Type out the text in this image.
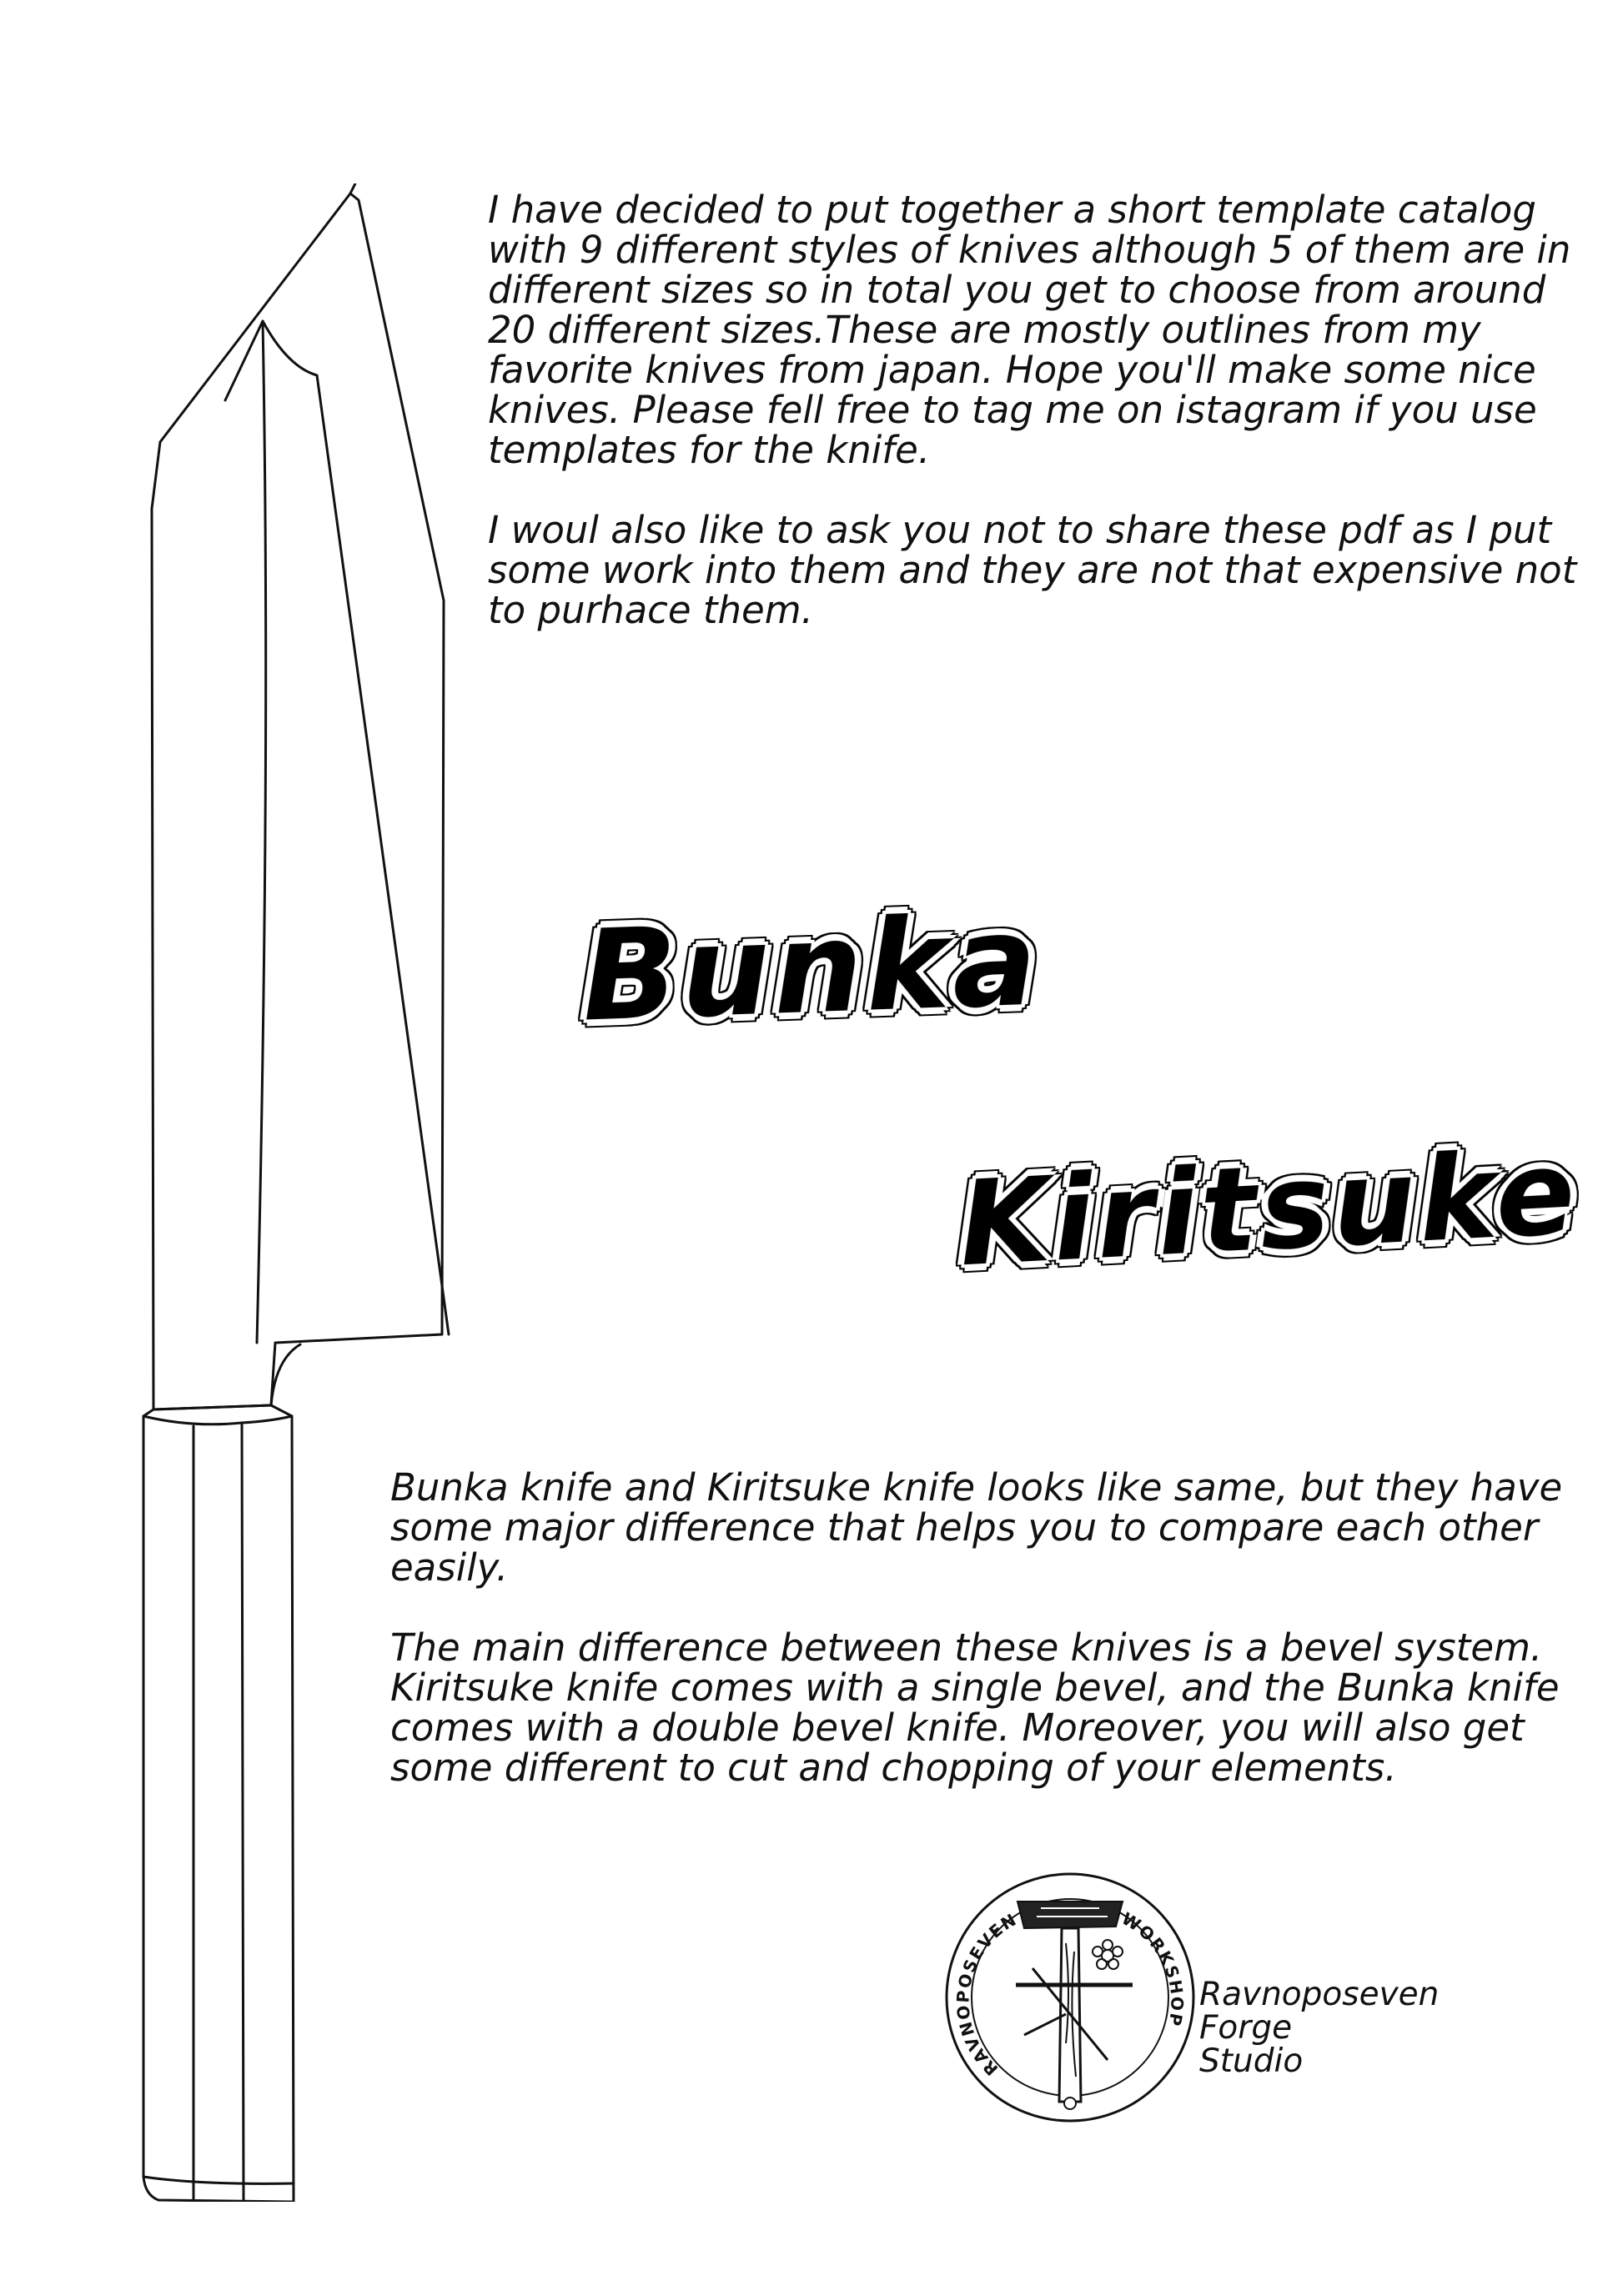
I have decided to put together a short template catalog with 9 different styles of knives although 5 of them are in different sizes so in total you get to choose from around 20 different sizes.These are mostly outlines from my favorite knives from japan. Hope you'll make some nice knives. Please fell free to tag me on istagram if you use templates for the knife.

I woul also like to ask you not to share these pdf as I put some work into them and they are not that expensive not to purhace them.

Bunka
Kiritsuke

Bunka knife and Kiritsuke knife looks like same, but they have some major difference that helps you to compare each other easily.

The main difference between these knives is a bevel system. Kiritsuke knife comes with a single bevel, and the Bunka knife comes with a double bevel knife. Moreover, you will also get some different to cut and chopping of your elements.

RAVNOPOSEVEN	WORKSHOP
Ravnoposeven
Forge
Studio
